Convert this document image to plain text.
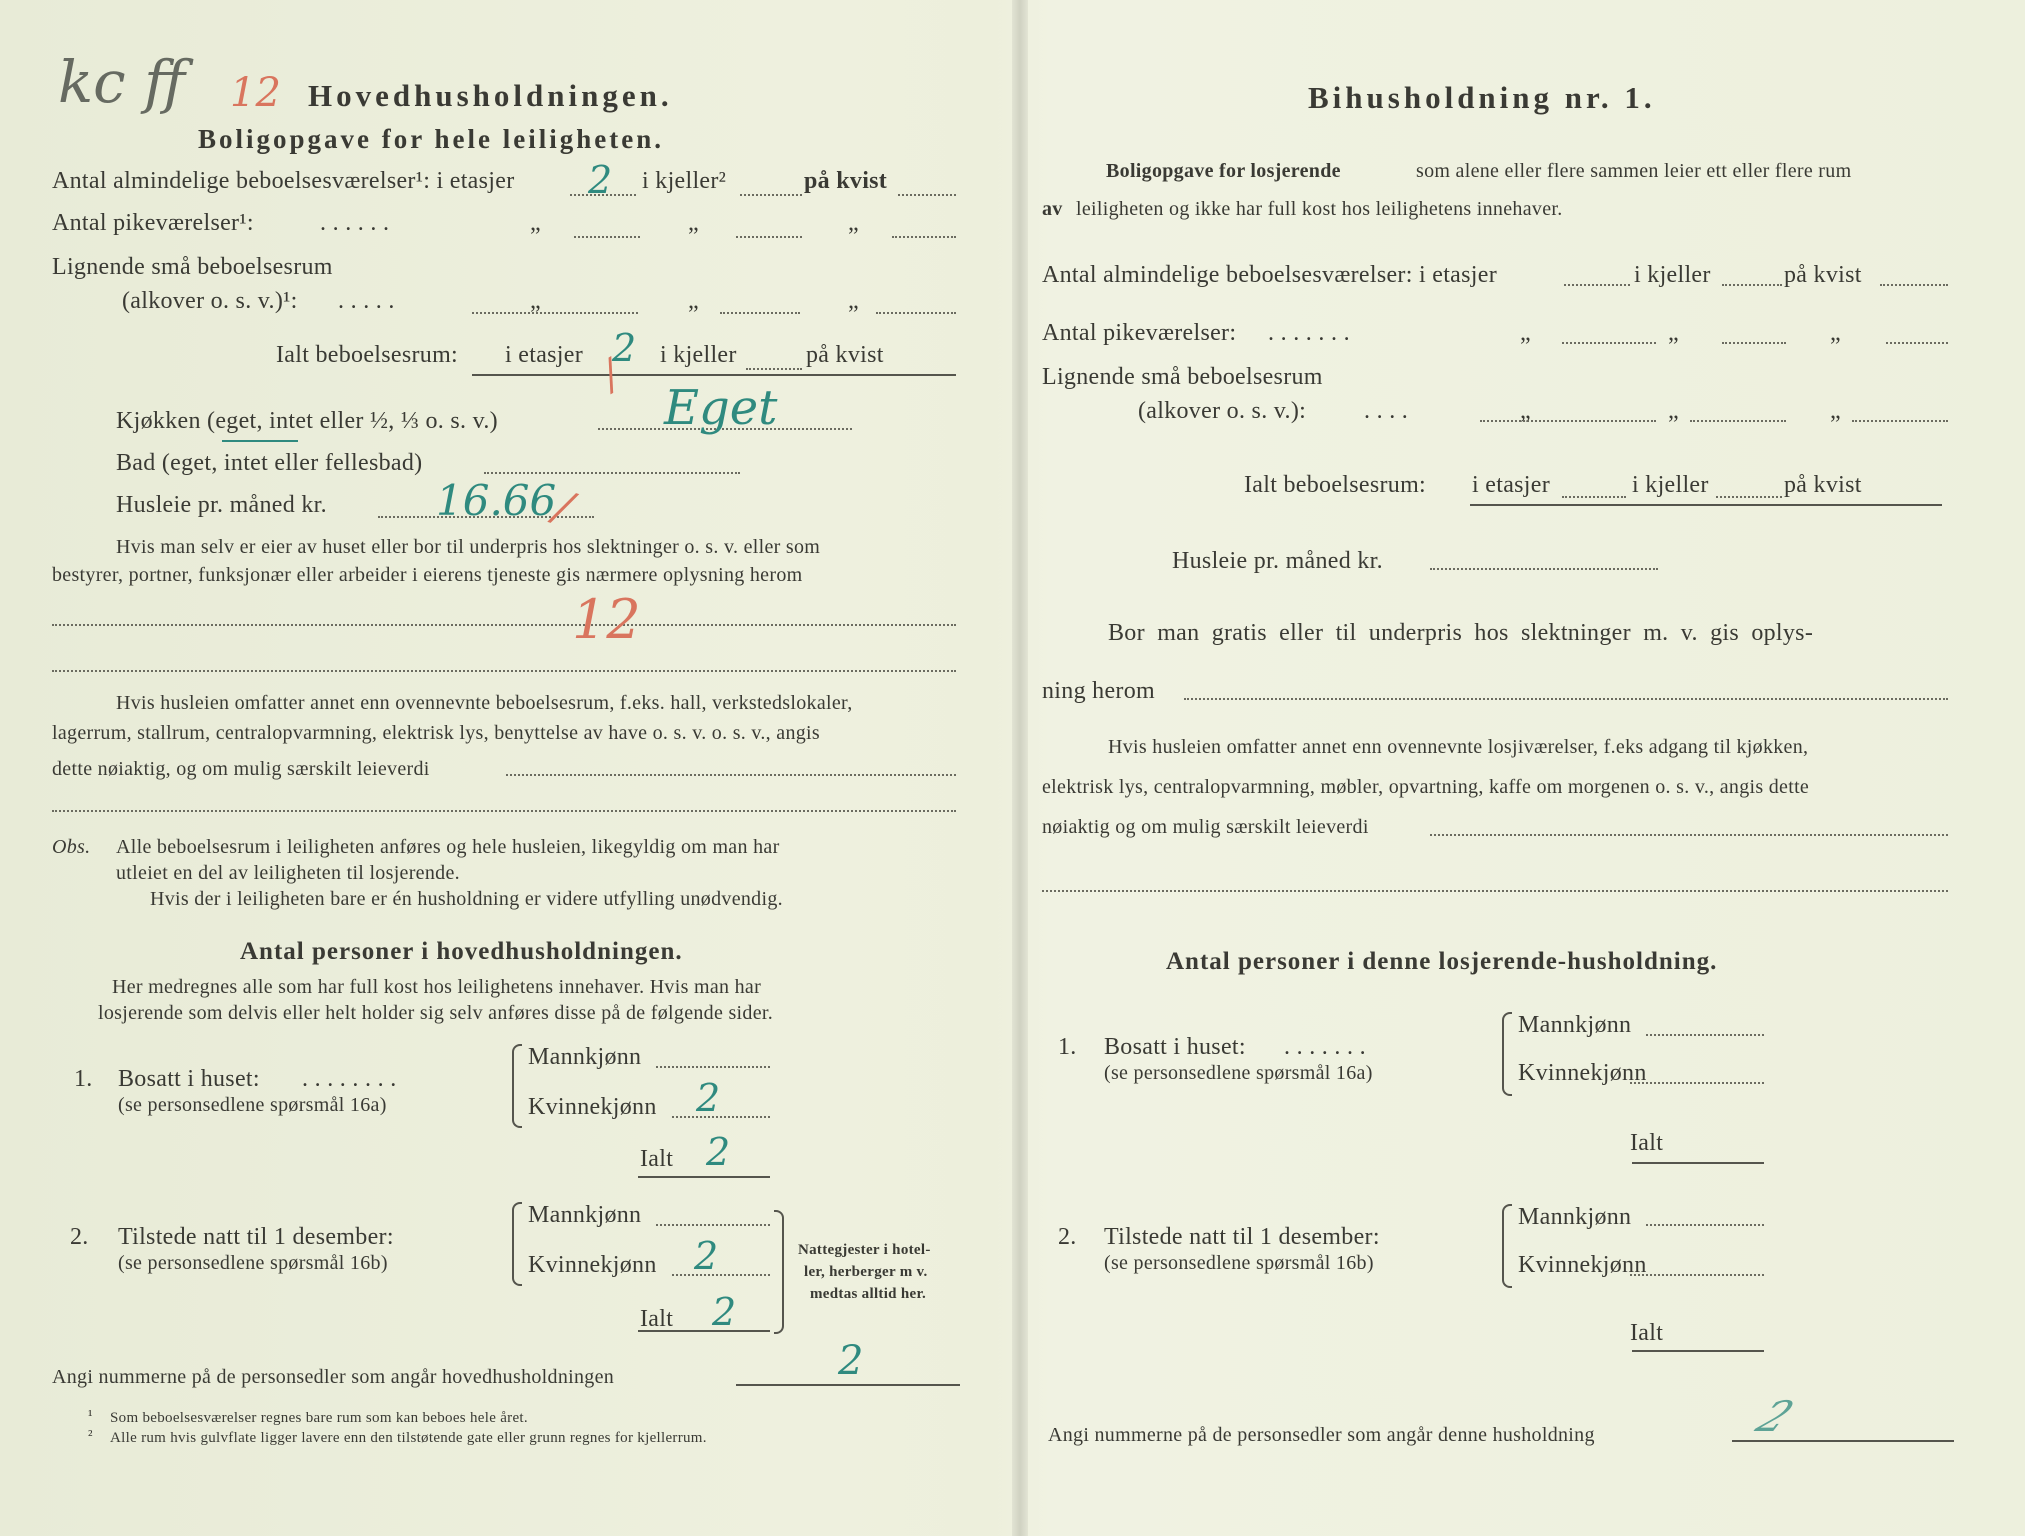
kc ff 12 Hovedhusholdningen.
Boligopgave for hele leiligheten.
Antal almindelige beboelsesværelser¹: i etasjer 2 i kjeller²	på kvist
Antal pikeværelser¹:	. . . . . .	„	„	„
Lignende små beboelsesrum
(alkover o. s. v.)¹: . . . . .	„	„	„
Ialt beboelsesrum: i etasjer 2 i kjeller	på kvist
/
Kjøkken (eget, intet eller ½, ⅓ o. s. v.)	Eget
Bad (eget, intet eller fellesbad)
Husleie pr. måned kr.	16.66
/
Hvis man selv er eier av huset eller bor til underpris hos slektninger o. s. v. eller som
bestyrer, portner, funksjonær eller arbeider i eierens tjeneste gis nærmere oplysning herom
12
Hvis husleien omfatter annet enn ovennevnte beboelsesrum, f.eks. hall, verkstedslokaler,
lagerrum, stallrum, centralopvarmning, elektrisk lys, benyttelse av have o. s. v. o. s. v., angis
dette nøiaktig, og om mulig særskilt leieverdi
Obs. Alle beboelsesrum i leiligheten anføres og hele husleien, likegyldig om man har
utleiet en del av leiligheten til losjerende.
Hvis der i leiligheten bare er én husholdning er videre utfylling unødvendig.
Antal personer i hovedhusholdningen.
Her medregnes alle som har full kost hos leilighetens innehaver. Hvis man har
losjerende som delvis eller helt holder sig selv anføres disse på de følgende sider.
1. Bosatt i huset: . . . . . . . .
(se personsedlene spørsmål 16a)
Mannkjønn
Kvinnekjønn 2
Ialt 2
2. Tilstede natt til 1 desember:
(se personsedlene spørsmål 16b)
Mannkjønn
Kvinnekjønn 2
Ialt 2
Nattegjester i hotel-
ler, herberger m v.
medtas alltid her.
Angi nummerne på de personsedler som angår hovedhusholdningen	2
¹ Som beboelsesværelser regnes bare rum som kan beboes hele året.
² Alle rum hvis gulvflate ligger lavere enn den tilstøtende gate eller grunn regnes for kjellerrum.
Bihusholdning nr. 1.
Boligopgave for losjerende	som alene eller flere sammen leier ett eller flere rum
av leiligheten og ikke har full kost hos leilighetens innehaver.
Antal almindelige beboelsesværelser: i etasjer	i kjeller	på kvist
Antal pikeværelser: . . . . . . .	„	„	„
Lignende små beboelsesrum
(alkover o. s. v.): . . . .	„	„	„
Ialt beboelsesrum: i etasjer	i kjeller	på kvist
Husleie pr. måned kr.
Bor man gratis eller til underpris hos slektninger m. v. gis oplys-
ning herom
Hvis husleien omfatter annet enn ovennevnte losjiværelser, f.eks adgang til kjøkken,
elektrisk lys, centralopvarmning, møbler, opvartning, kaffe om morgenen o. s. v., angis dette
nøiaktig og om mulig særskilt leieverdi
Antal personer i denne losjerende-husholdning.
1. Bosatt i huset: . . . . . . .
(se personsedlene spørsmål 16a)
Mannkjønn
Kvinnekjønn
Ialt
2. Tilstede natt til 1 desember:
(se personsedlene spørsmål 16b)
Mannkjønn
Kvinnekjønn
Ialt
Angi nummerne på de personsedler som angår denne husholdning	2
